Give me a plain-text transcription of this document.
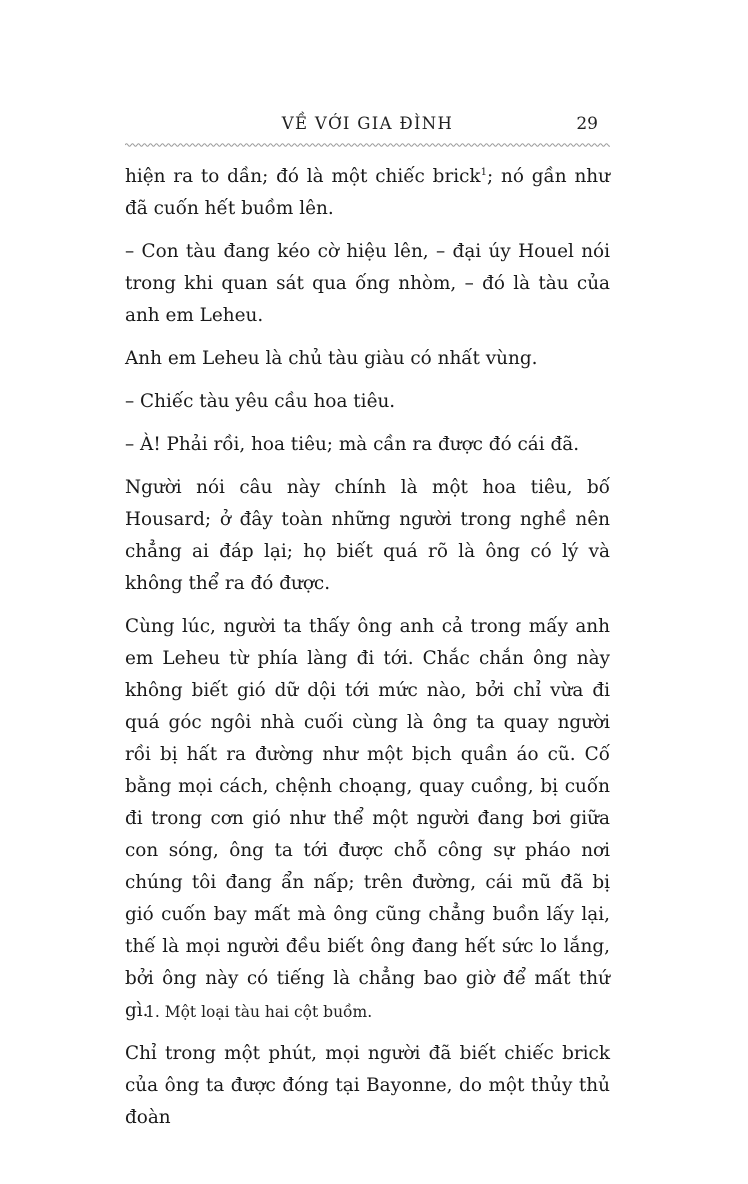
VỀ VỚI GIA ĐÌNH	29

hiện ra to dần; đó là một chiếc brick$^1$; nó gần như đã cuốn hết buồm lên.

– Con tàu đang kéo cờ hiệu lên, – đại úy Houel nói trong khi quan sát qua ống nhòm, – đó là tàu của anh em Leheu.

Anh em Leheu là chủ tàu giàu có nhất vùng.

– Chiếc tàu yêu cầu hoa tiêu.

– À! Phải rồi, hoa tiêu; mà cần ra được đó cái đã.

Người nói câu này chính là một hoa tiêu, bố Housard; ở đây toàn những người trong nghề nên chẳng ai đáp lại; họ biết quá rõ là ông có lý và không thể ra đó được.

Cùng lúc, người ta thấy ông anh cả trong mấy anh em Leheu từ phía làng đi tới. Chắc chắn ông này không biết gió dữ dội tới mức nào, bởi chỉ vừa đi quá góc ngôi nhà cuối cùng là ông ta quay người rồi bị hất ra đường như một bịch quần áo cũ. Cố bằng mọi cách, chệnh choạng, quay cuồng, bị cuốn đi trong cơn gió như thể một người đang bơi giữa con sóng, ông ta tới được chỗ công sự pháo nơi chúng tôi đang ẩn nấp; trên đường, cái mũ đã bị gió cuốn bay mất mà ông cũng chẳng buồn lấy lại, thế là mọi người đều biết ông đang hết sức lo lắng, bởi ông này có tiếng là chẳng bao giờ để mất thứ gì.

Chỉ trong một phút, mọi người đã biết chiếc brick của ông ta được đóng tại Bayonne, do một thủy thủ đoàn

1. Một loại tàu hai cột buồm.
